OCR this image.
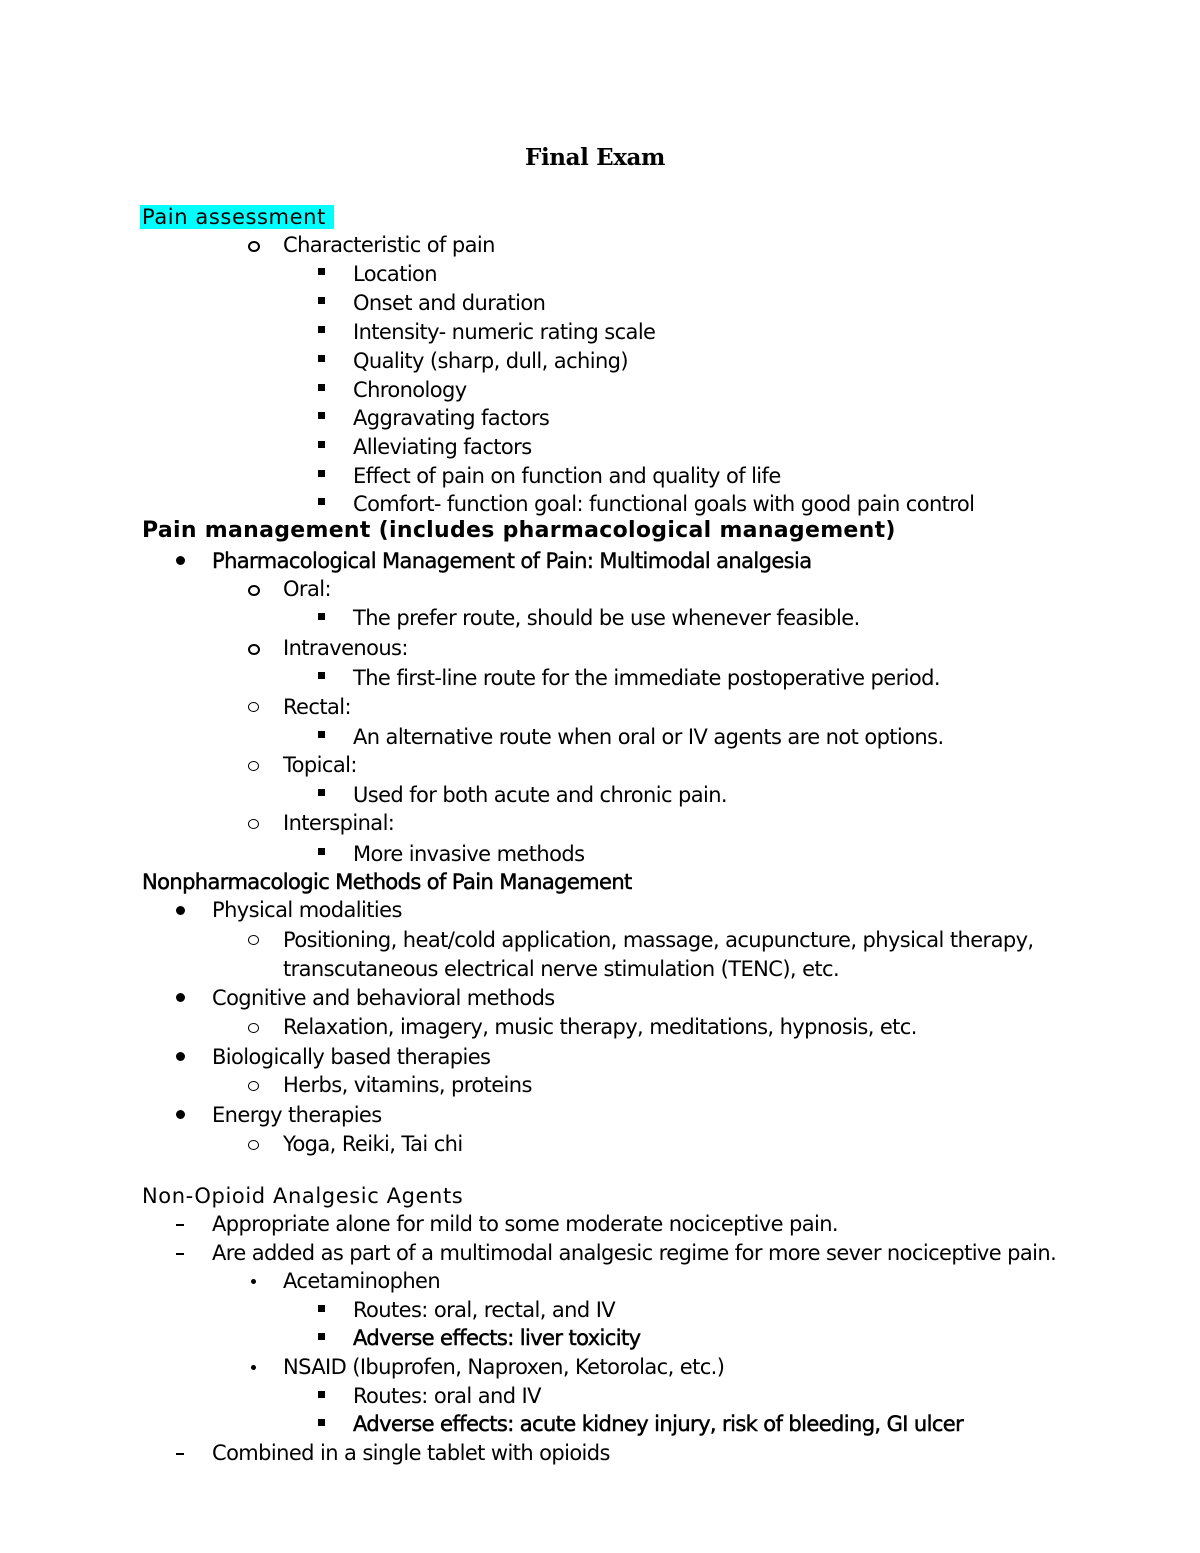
Final Exam
Pain assessment
Characteristic of pain
Location
Onset and duration
Intensity- numeric rating scale
Quality (sharp, dull, aching)
Chronology
Aggravating factors
Alleviating factors
Effect of pain on function and quality of life
Comfort- function goal: functional goals with good pain control
Pain management (includes pharmacological management)
Pharmacological Management of Pain: Multimodal analgesia
Oral:
The prefer route, should be use whenever feasible.
Intravenous:
The first-line route for the immediate postoperative period.
Rectal:
An alternative route when oral or IV agents are not options.
Topical:
Used for both acute and chronic pain.
Interspinal:
More invasive methods
Nonpharmacologic Methods of Pain Management
Physical modalities
Positioning, heat/cold application, massage, acupuncture, physical therapy,
transcutaneous electrical nerve stimulation (TENC), etc.
Cognitive and behavioral methods
Relaxation, imagery, music therapy, meditations, hypnosis, etc.
Biologically based therapies
Herbs, vitamins, proteins
Energy therapies
Yoga, Reiki, Tai chi
Non-Opioid Analgesic Agents
Appropriate alone for mild to some moderate nociceptive pain.
Are added as part of a multimodal analgesic regime for more sever nociceptive pain.
Acetaminophen
Routes: oral, rectal, and IV
Adverse effects: liver toxicity
NSAID (Ibuprofen, Naproxen, Ketorolac, etc.)
Routes: oral and IV
Adverse effects: acute kidney injury, risk of bleeding, GI ulcer
Combined in a single tablet with opioids
